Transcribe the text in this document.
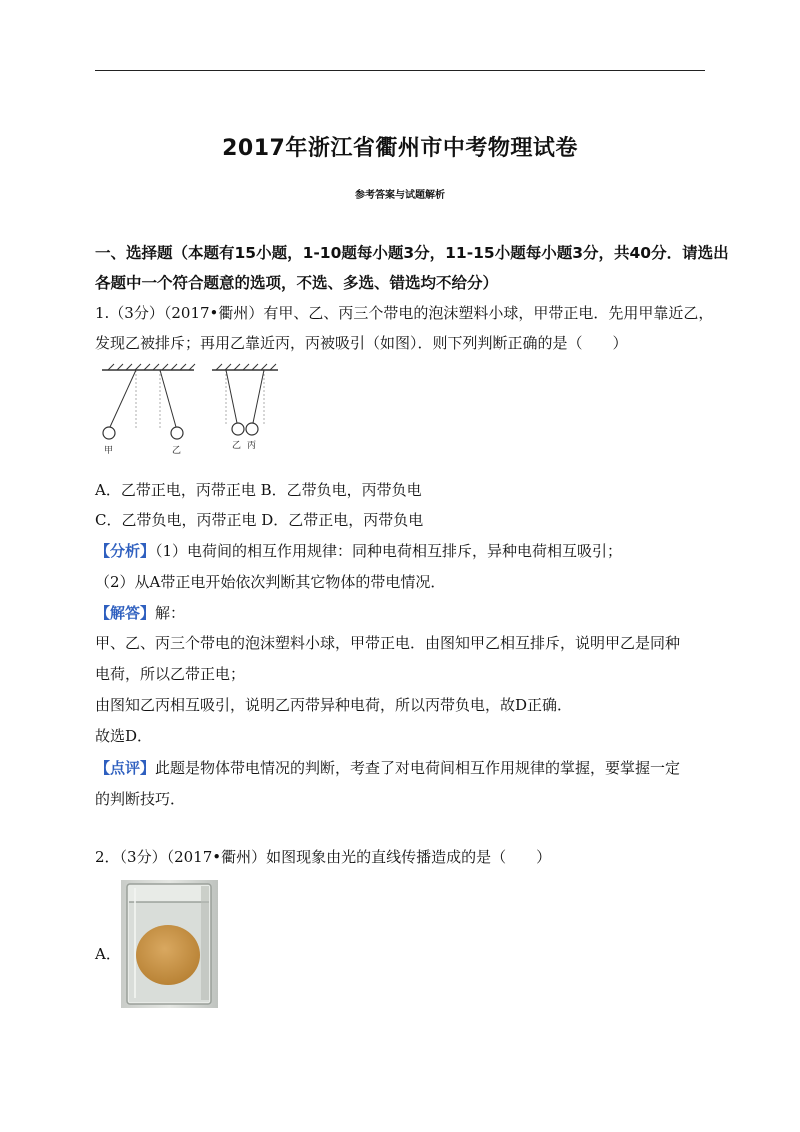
2017年浙江省衢州市中考物理试卷
参考答案与试题解析
一、选择题（本题有15小题，1-10题每小题3分，11-15小题每小题3分，共40分．请选出
各题中一个符合题意的选项，不选、多选、错选均不给分）
1.（3分）（2017•衢州）有甲、乙、丙三个带电的泡沫塑料小球，甲带正电．先用甲靠近乙，
发现乙被排斥；再用乙靠近丙，丙被吸引（如图）．则下列判断正确的是（　　）
甲	乙	乙 丙
A．乙带正电，丙带正电 B．乙带负电，丙带负电
C．乙带负电，丙带正电 D．乙带正电，丙带负电
【分析】（1）电荷间的相互作用规律：同种电荷相互排斥，异种电荷相互吸引；
（2）从A带正电开始依次判断其它物体的带电情况．
【解答】解：
甲、乙、丙三个带电的泡沫塑料小球，甲带正电．由图知甲乙相互排斥，说明甲乙是同种
电荷，所以乙带正电；
由图知乙丙相互吸引，说明乙丙带异种电荷，所以丙带负电，故D正确．
故选D．
【点评】此题是物体带电情况的判断，考查了对电荷间相互作用规律的掌握，要掌握一定
的判断技巧．
2．（3分）（2017•衢州）如图现象由光的直线传播造成的是（　　）
A．
